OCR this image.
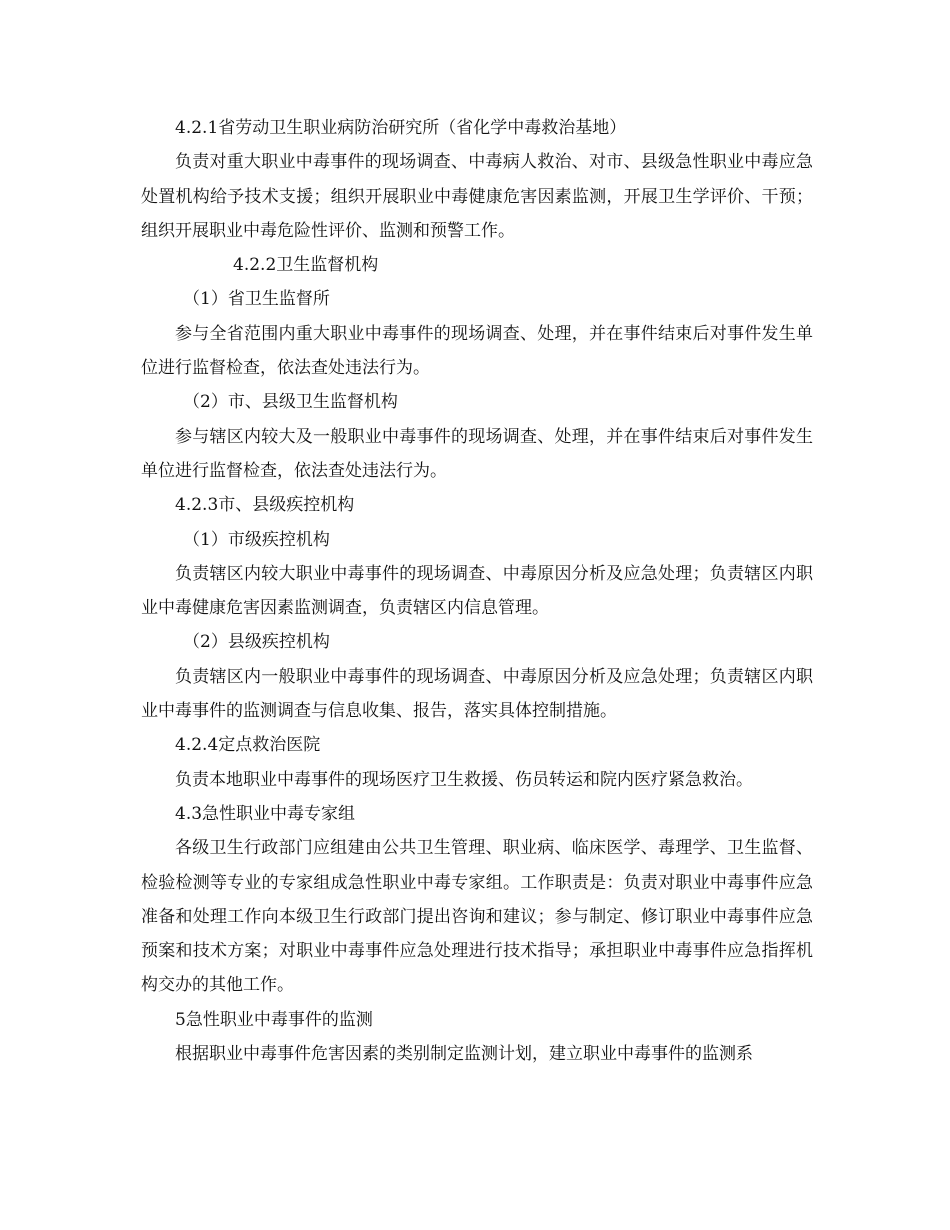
4.2.1省劳动卫生职业病防治研究所（省化学中毒救治基地）
负责对重大职业中毒事件的现场调查、中毒病人救治、对市、县级急性职业中毒应急处置机构给予技术支援；组织开展职业中毒健康危害因素监测，开展卫生学评价、干预；组织开展职业中毒危险性评价、监测和预警工作。
4.2.2卫生监督机构
（1）省卫生监督所
参与全省范围内重大职业中毒事件的现场调查、处理，并在事件结束后对事件发生单位进行监督检查，依法查处违法行为。
（2）市、县级卫生监督机构
参与辖区内较大及一般职业中毒事件的现场调查、处理，并在事件结束后对事件发生单位进行监督检查，依法查处违法行为。
4.2.3市、县级疾控机构
（1）市级疾控机构
负责辖区内较大职业中毒事件的现场调查、中毒原因分析及应急处理；负责辖区内职业中毒健康危害因素监测调查，负责辖区内信息管理。
（2）县级疾控机构
负责辖区内一般职业中毒事件的现场调查、中毒原因分析及应急处理；负责辖区内职业中毒事件的监测调查与信息收集、报告，落实具体控制措施。
4.2.4定点救治医院
负责本地职业中毒事件的现场医疗卫生救援、伤员转运和院内医疗紧急救治。
4.3急性职业中毒专家组
各级卫生行政部门应组建由公共卫生管理、职业病、临床医学、毒理学、卫生监督、检验检测等专业的专家组成急性职业中毒专家组。工作职责是：负责对职业中毒事件应急准备和处理工作向本级卫生行政部门提出咨询和建议；参与制定、修订职业中毒事件应急预案和技术方案；对职业中毒事件应急处理进行技术指导；承担职业中毒事件应急指挥机构交办的其他工作。
5急性职业中毒事件的监测
根据职业中毒事件危害因素的类别制定监测计划，建立职业中毒事件的监测系
